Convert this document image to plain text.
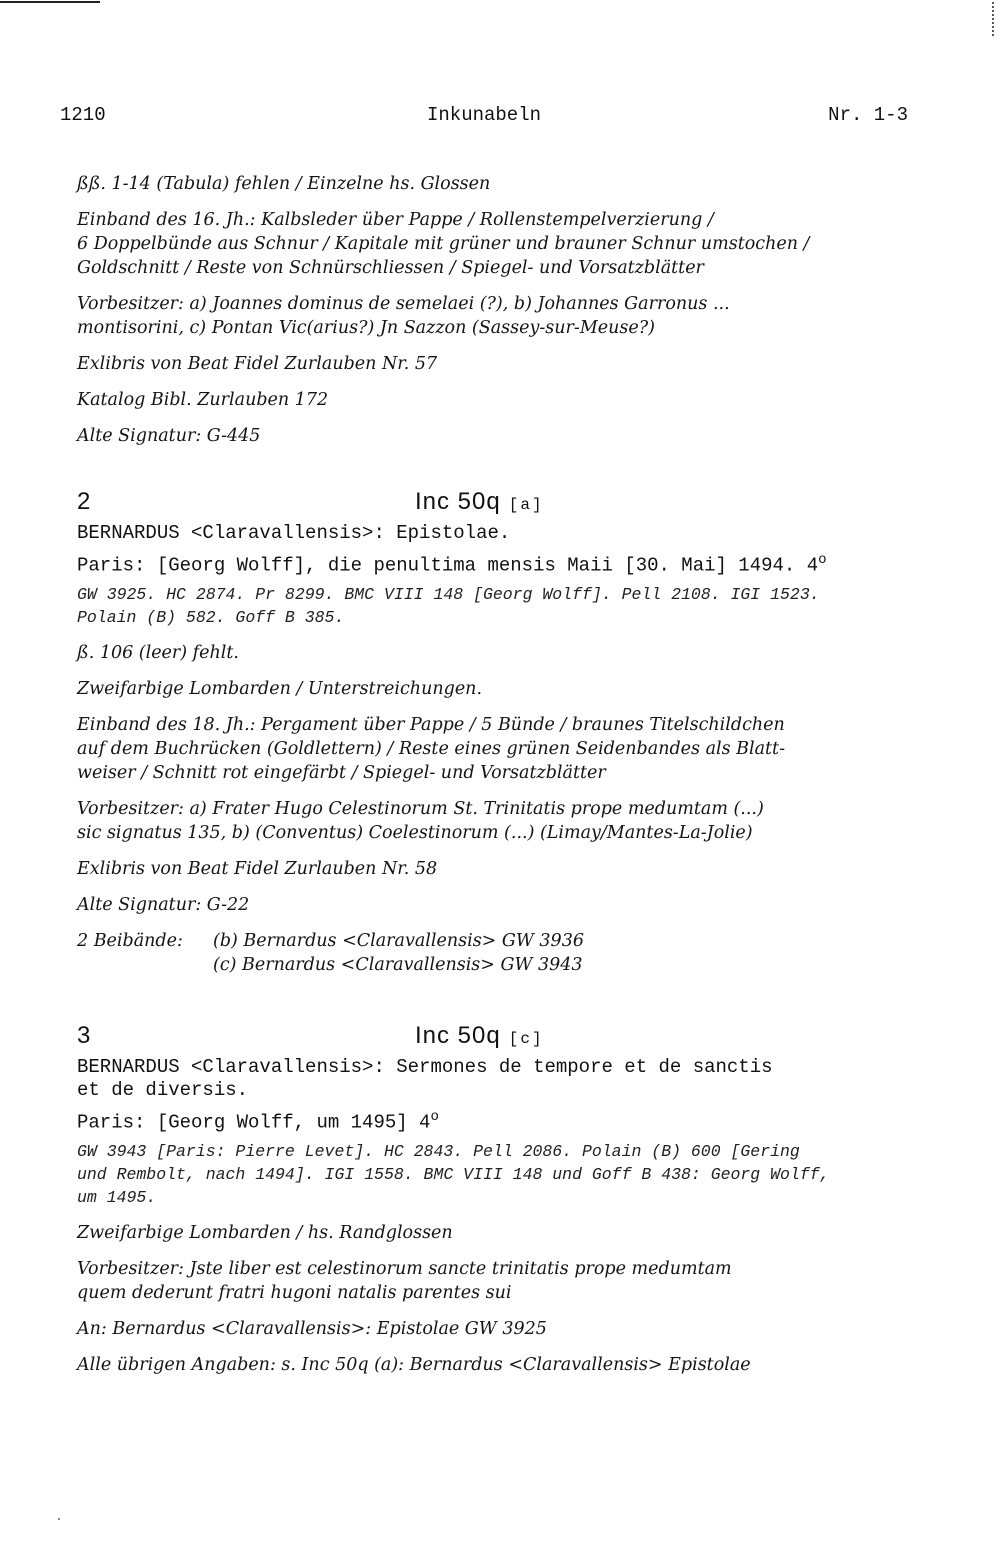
1210	Inkunabeln	Nr. 1-3

ßß. 1-14 (Tabula) fehlen / Einzelne hs. Glossen

Einband des 16. Jh.: Kalbsleder über Pappe / Rollenstempelverzierung /
6 Doppelbünde aus Schnur / Kapitale mit grüner und brauner Schnur umstochen /
Goldschnitt / Reste von Schnürschliessen / Spiegel- und Vorsatzblätter

Vorbesitzer: a) Joannes dominus de semelaei (?), b) Johannes Garronus ...
montisorini, c) Pontan Vic(arius?) Jn Sazzon (Sassey-sur-Meuse?)

Exlibris von Beat Fidel Zurlauben Nr. 57

Katalog Bibl. Zurlauben 172

Alte Signatur: G-445

2	Inc 50q [a]

BERNARDUS <Claravallensis>: Epistolae.

Paris: [Georg Wolff], die penultima mensis Maii [30. Mai] 1494. 4$^o$

GW 3925. HC 2874. Pr 8299. BMC VIII 148 [Georg Wolff]. Pell 2108. IGI 1523.
Polain (B) 582. Goff B 385.

ß. 106 (leer) fehlt.

Zweifarbige Lombarden / Unterstreichungen.

Einband des 18. Jh.: Pergament über Pappe / 5 Bünde / braunes Titelschildchen
auf dem Buchrücken (Goldlettern) / Reste eines grünen Seidenbandes als Blatt-
weiser / Schnitt rot eingefärbt / Spiegel- und Vorsatzblätter

Vorbesitzer: a) Frater Hugo Celestinorum St. Trinitatis prope medumtam (...)
sic signatus 135, b) (Conventus) Coelestinorum (...) (Limay/Mantes-La-Jolie)

Exlibris von Beat Fidel Zurlauben Nr. 58

Alte Signatur: G-22

2 Beibände:	(b) Bernardus <Claravallensis> GW 3936
(c) Bernardus <Claravallensis> GW 3943
3	Inc 50q [c]

BERNARDUS <Claravallensis>: Sermones de tempore et de sanctis
et de diversis.

Paris: [Georg Wolff, um 1495] 4$^o$

GW 3943 [Paris: Pierre Levet]. HC 2843. Pell 2086. Polain (B) 600 [Gering
und Rembolt, nach 1494]. IGI 1558. BMC VIII 148 und Goff B 438: Georg Wolff,
um 1495.

Zweifarbige Lombarden / hs. Randglossen

Vorbesitzer: Jste liber est celestinorum sancte trinitatis prope medumtam
quem dederunt fratri hugoni natalis parentes sui

An: Bernardus <Claravallensis>: Epistolae GW 3925

Alle übrigen Angaben: s. Inc 50q (a): Bernardus <Claravallensis> Epistolae
